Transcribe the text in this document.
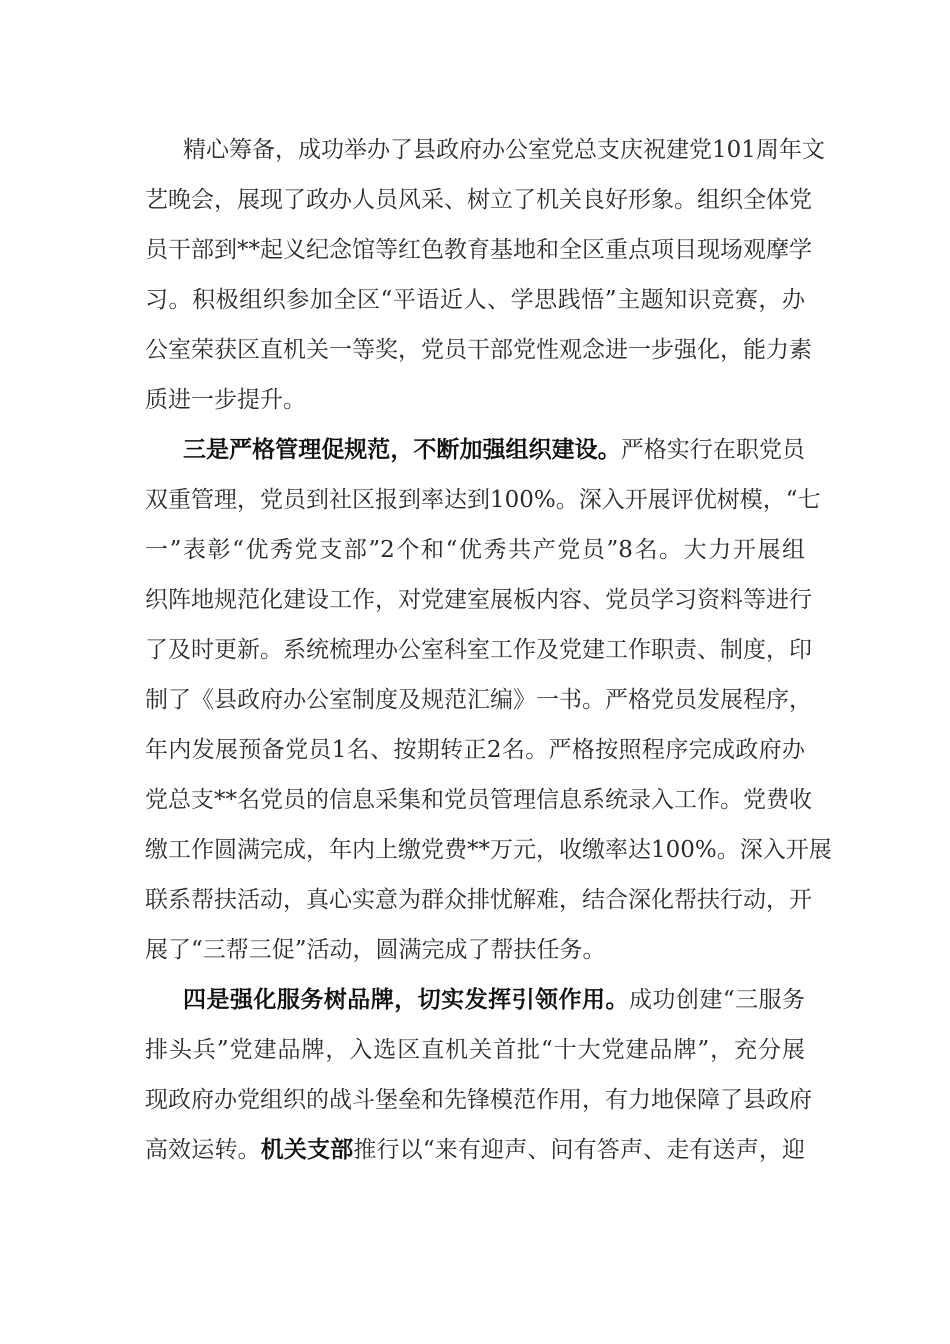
精心筹备，成功举办了县政府办公室党总支庆祝建党101周年文
艺晚会，展现了政办人员风采、树立了机关良好形象。组织全体党
员干部到**起义纪念馆等红色教育基地和全区重点项目现场观摩学
习。积极组织参加全区“平语近人、学思践悟”主题知识竞赛，办
公室荣获区直机关一等奖，党员干部党性观念进一步强化，能力素
质进一步提升。
三是严格管理促规范，不断加强组织建设。严格实行在职党员
双重管理，党员到社区报到率达到100%。深入开展评优树模，“七
一”表彰“优秀党支部”2个和“优秀共产党员”8名。大力开展组
织阵地规范化建设工作，对党建室展板内容、党员学习资料等进行
了及时更新。系统梳理办公室科室工作及党建工作职责、制度，印
制了《县政府办公室制度及规范汇编》一书。严格党员发展程序，
年内发展预备党员1名、按期转正2名。严格按照程序完成政府办
党总支**名党员的信息采集和党员管理信息系统录入工作。党费收
缴工作圆满完成，年内上缴党费**万元，收缴率达100%。深入开展
联系帮扶活动，真心实意为群众排忧解难，结合深化帮扶行动，开
展了“三帮三促”活动，圆满完成了帮扶任务。
四是强化服务树品牌，切实发挥引领作用。成功创建“三服务
排头兵”党建品牌，入选区直机关首批“十大党建品牌”，充分展
现政府办党组织的战斗堡垒和先锋模范作用，有力地保障了县政府
高效运转。机关支部推行以“来有迎声、问有答声、走有送声，迎
